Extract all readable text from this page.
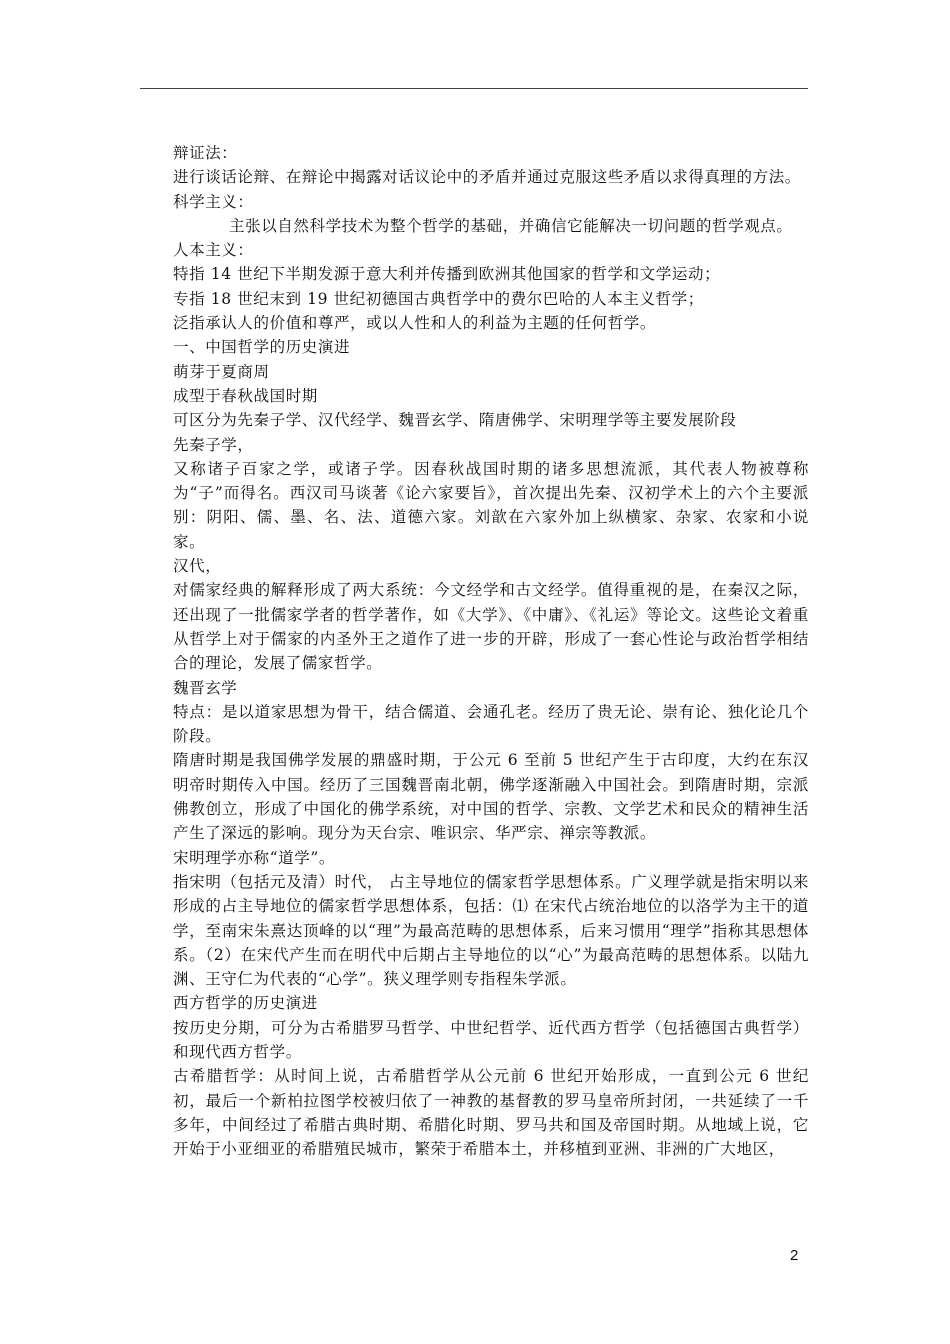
辩证法：

进行谈话论辩、在辩论中揭露对话议论中的矛盾并通过克服这些矛盾以求得真理的方法。

科学主义：

主张以自然科学技术为整个哲学的基础，并确信它能解决一切问题的哲学观点。

人本主义：

特指 14 世纪下半期发源于意大利并传播到欧洲其他国家的哲学和文学运动；

专指 18 世纪末到 19 世纪初德国古典哲学中的费尔巴哈的人本主义哲学；

泛指承认人的价值和尊严，或以人性和人的利益为主题的任何哲学。

一、中国哲学的历史演进

萌芽于夏商周

成型于春秋战国时期

可区分为先秦子学、汉代经学、魏晋玄学、隋唐佛学、宋明理学等主要发展阶段

先秦子学，

又称诸子百家之学，或诸子学。因春秋战国时期的诸多思想流派，其代表人物被尊称为“子”而得名。西汉司马谈著《论六家要旨》，首次提出先秦、汉初学术上的六个主要派别：阴阳、儒、墨、名、法、道德六家。刘歆在六家外加上纵横家、杂家、农家和小说家。

汉代，

对儒家经典的解释形成了两大系统：今文经学和古文经学。值得重视的是，在秦汉之际，还出现了一批儒家学者的哲学著作，如《大学》、《中庸》、《礼运》等论文。这些论文着重从哲学上对于儒家的内圣外王之道作了进一步的开辟，形成了一套心性论与政治哲学相结合的理论，发展了儒家哲学。

魏晋玄学

特点：是以道家思想为骨干，结合儒道、会通孔老。经历了贵无论、崇有论、独化论几个阶段。

隋唐时期是我国佛学发展的鼎盛时期，于公元 6 至前 5 世纪产生于古印度，大约在东汉明帝时期传入中国。经历了三国魏晋南北朝，佛学逐渐融入中国社会。到隋唐时期，宗派佛教创立，形成了中国化的佛学系统，对中国的哲学、宗教、文学艺术和民众的精神生活产生了深远的影响。现分为天台宗、唯识宗、华严宗、禅宗等教派。

宋明理学亦称“道学”。

指宋明（包括元及清）时代， 占主导地位的儒家哲学思想体系。广义理学就是指宋明以来形成的占主导地位的儒家哲学思想体系，包括：⑴ 在宋代占统治地位的以洛学为主干的道学，至南宋朱熹达顶峰的以“理”为最高范畴的思想体系，后来习惯用“理学”指称其思想体系。（2）在宋代产生而在明代中后期占主导地位的以“心”为最高范畴的思想体系。以陆九渊、王守仁为代表的“心学”。狭义理学则专指程朱学派。

西方哲学的历史演进

按历史分期，可分为古希腊罗马哲学、中世纪哲学、近代西方哲学（包括德国古典哲学）和现代西方哲学。

古希腊哲学：从时间上说，古希腊哲学从公元前 6 世纪开始形成，一直到公元 6 世纪初，最后一个新柏拉图学校被归依了一神教的基督教的罗马皇帝所封闭，一共延续了一千多年，中间经过了希腊古典时期、希腊化时期、罗马共和国及帝国时期。从地域上说，它开始于小亚细亚的希腊殖民城市，繁荣于希腊本土，并移植到亚洲、非洲的广大地区，

2
